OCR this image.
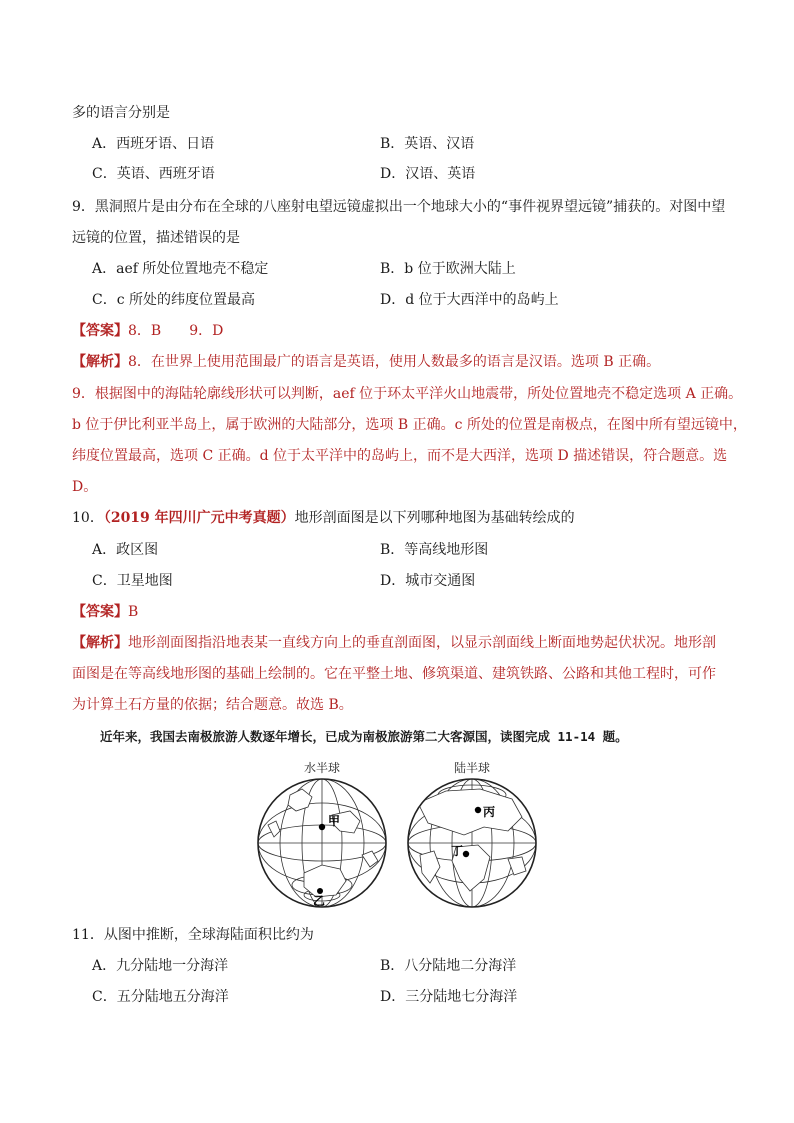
多的语言分别是
A．西班牙语、日语	B．英语、汉语
C．英语、西班牙语	D．汉语、英语
9．黑洞照片是由分布在全球的八座射电望远镜虚拟出一个地球大小的“事件视界望远镜”捕获的。对图中望
远镜的位置，描述错误的是
A．aef 所处位置地壳不稳定	B．b 位于欧洲大陆上
C．c 所处的纬度位置最高	D．d 位于大西洋中的岛屿上
【答案】8．B　　9．D
【解析】8．在世界上使用范围最广的语言是英语，使用人数最多的语言是汉语。选项 B 正确。
9．根据图中的海陆轮廓线形状可以判断，aef 位于环太平洋火山地震带，所处位置地壳不稳定选项 A 正确。
b 位于伊比利亚半岛上，属于欧洲的大陆部分，选项 B 正确。c 所处的位置是南极点，在图中所有望远镜中，
纬度位置最高，选项 C 正确。d 位于太平洋中的岛屿上，而不是大西洋，选项 D 描述错误，符合题意。选
D。
10．（2019 年四川广元中考真题）地形剖面图是以下列哪种地图为基础转绘成的
A．政区图	B．等高线地形图
C．卫星地图	D．城市交通图
【答案】B
【解析】地形剖面图指沿地表某一直线方向上的垂直剖面图，以显示剖面线上断面地势起伏状况。地形剖
面图是在等高线地形图的基础上绘制的。它在平整土地、修筑渠道、建筑铁路、公路和其他工程时，可作
为计算土石方量的依据；结合题意。故选 B。
近年来，我国去南极旅游人数逐年增长，已成为南极旅游第二大客源国，读图完成 11-14 题。
水半球	陆半球
甲
乙
丙
丁
11．从图中推断，全球海陆面积比约为
A．九分陆地一分海洋	B．八分陆地二分海洋
C．五分陆地五分海洋	D．三分陆地七分海洋
